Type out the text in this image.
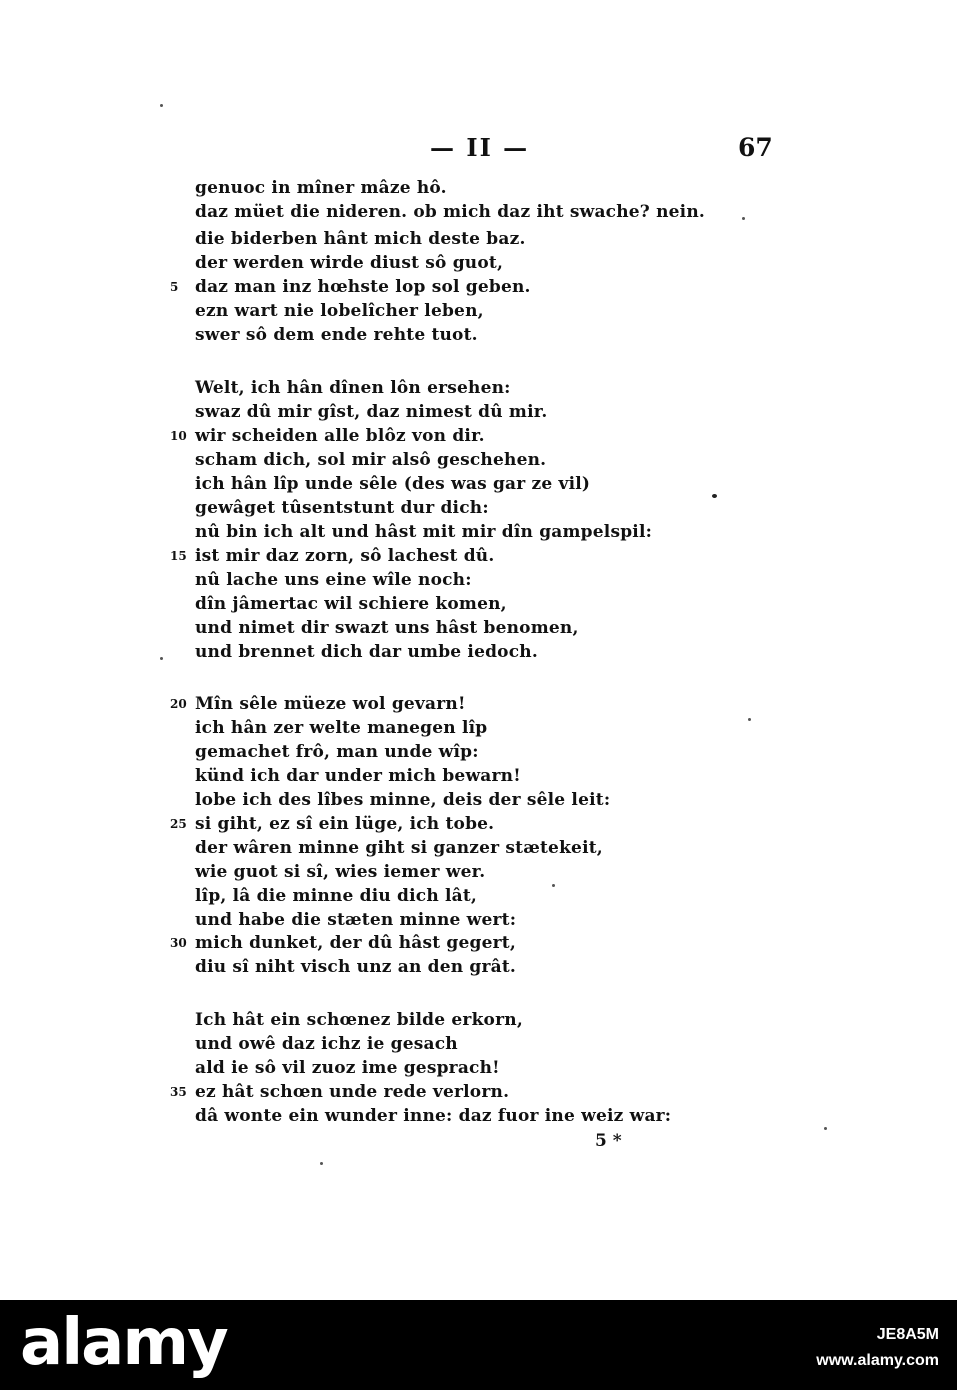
— II —	67
genuoc in mîner mâze hô.
daz müet die nideren. ob mich daz iht swache? nein.
die biderben hânt mich deste baz.
der werden wirde diust sô guot,
5 daz man inz hœhste lop sol geben.
ezn wart nie lobelîcher leben,
swer sô dem ende rehte tuot.
Welt, ich hân dînen lôn ersehen:
swaz dû mir gîst, daz nimest dû mir.
10 wir scheiden alle blôz von dir.
scham dich, sol mir alsô geschehen.
ich hân lîp unde sêle (des was gar ze vil)
gewâget tûsentstunt dur dich:
nû bin ich alt und hâst mit mir dîn gampelspil:
15 ist mir daz zorn, sô lachest dû.
nû lache uns eine wîle noch:
dîn jâmertac wil schiere komen,
und nimet dir swazt uns hâst benomen,
und brennet dich dar umbe iedoch.
20 Mîn sêle müeze wol gevarn!
ich hân zer welte manegen lîp
gemachet frô, man unde wîp:
künd ich dar under mich bewarn!
lobe ich des lîbes minne, deis der sêle leit:
25 si giht, ez sî ein lüge, ich tobe.
der wâren minne giht si ganzer stætekeit,
wie guot si sî, wies iemer wer.
lîp, lâ die minne diu dich lât,
und habe die stæten minne wert:
30 mich dunket, der dû hâst gegert,
diu sî niht visch unz an den grât.
Ich hât ein schœnez bilde erkorn,
und owê daz ichz ie gesach
ald ie sô vil zuoz ime gesprach!
35 ez hât schœn unde rede verlorn.
dâ wonte ein wunder inne: daz fuor ine weiz war:
5 *
alamy	JE8A5M
www.alamy.com
